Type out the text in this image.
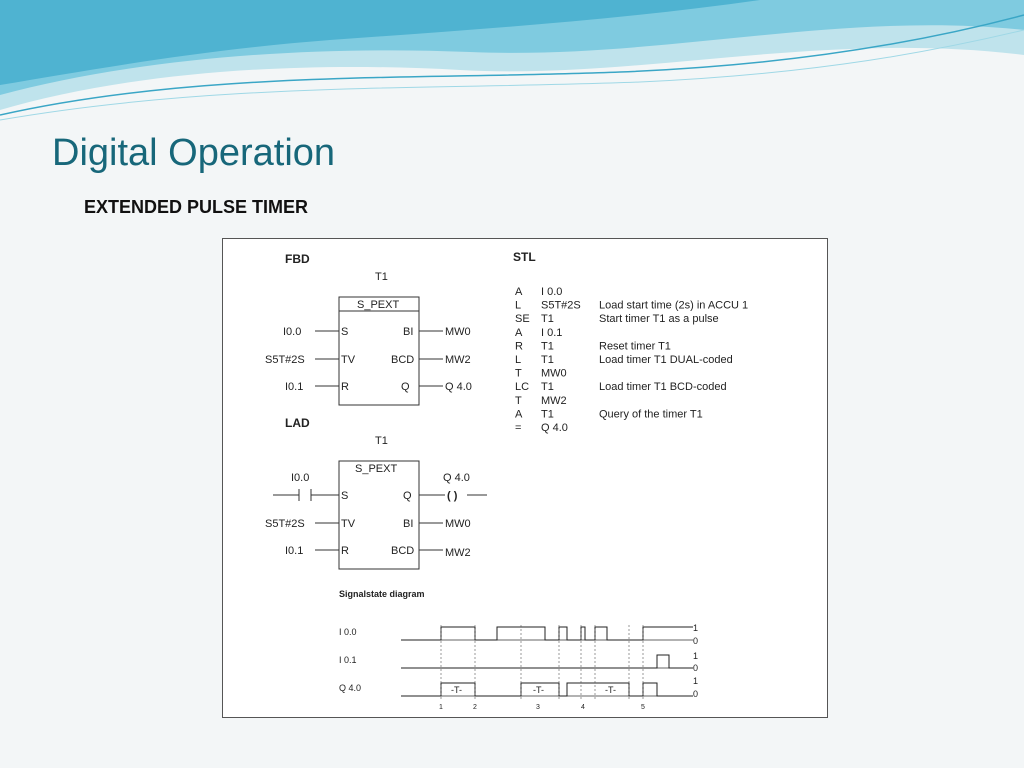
Digital Operation
EXTENDED PULSE TIMER
FBD
T1
S_PEXT
S
TV
R
BI
BCD
Q
I0.0
S5T#2S
I0.1
MW0
MW2
Q 4.0
LAD
T1
S_PEXT
I0.0
S
TV
R
Q
BI
BCD
Q 4.0
( )
S5T#2S
I0.1
MW0
MW2
STL
A I 0.0
L S5T#2S Load start time (2s) in ACCU 1
SE T1	Start timer T1 as a pulse
A I 0.1
R T1	Reset timer T1
L T1	Load timer T1 DUAL-coded
T MW0
LC T1	Load timer T1 BCD-coded
T MW2
A T1	Query of the timer T1
= Q 4.0
Signalstate diagram
I 0.0
I 0.1
Q 4.0	-T-	-T-	-T-
1
0
1
0
1
0
1	2	3	4	5
